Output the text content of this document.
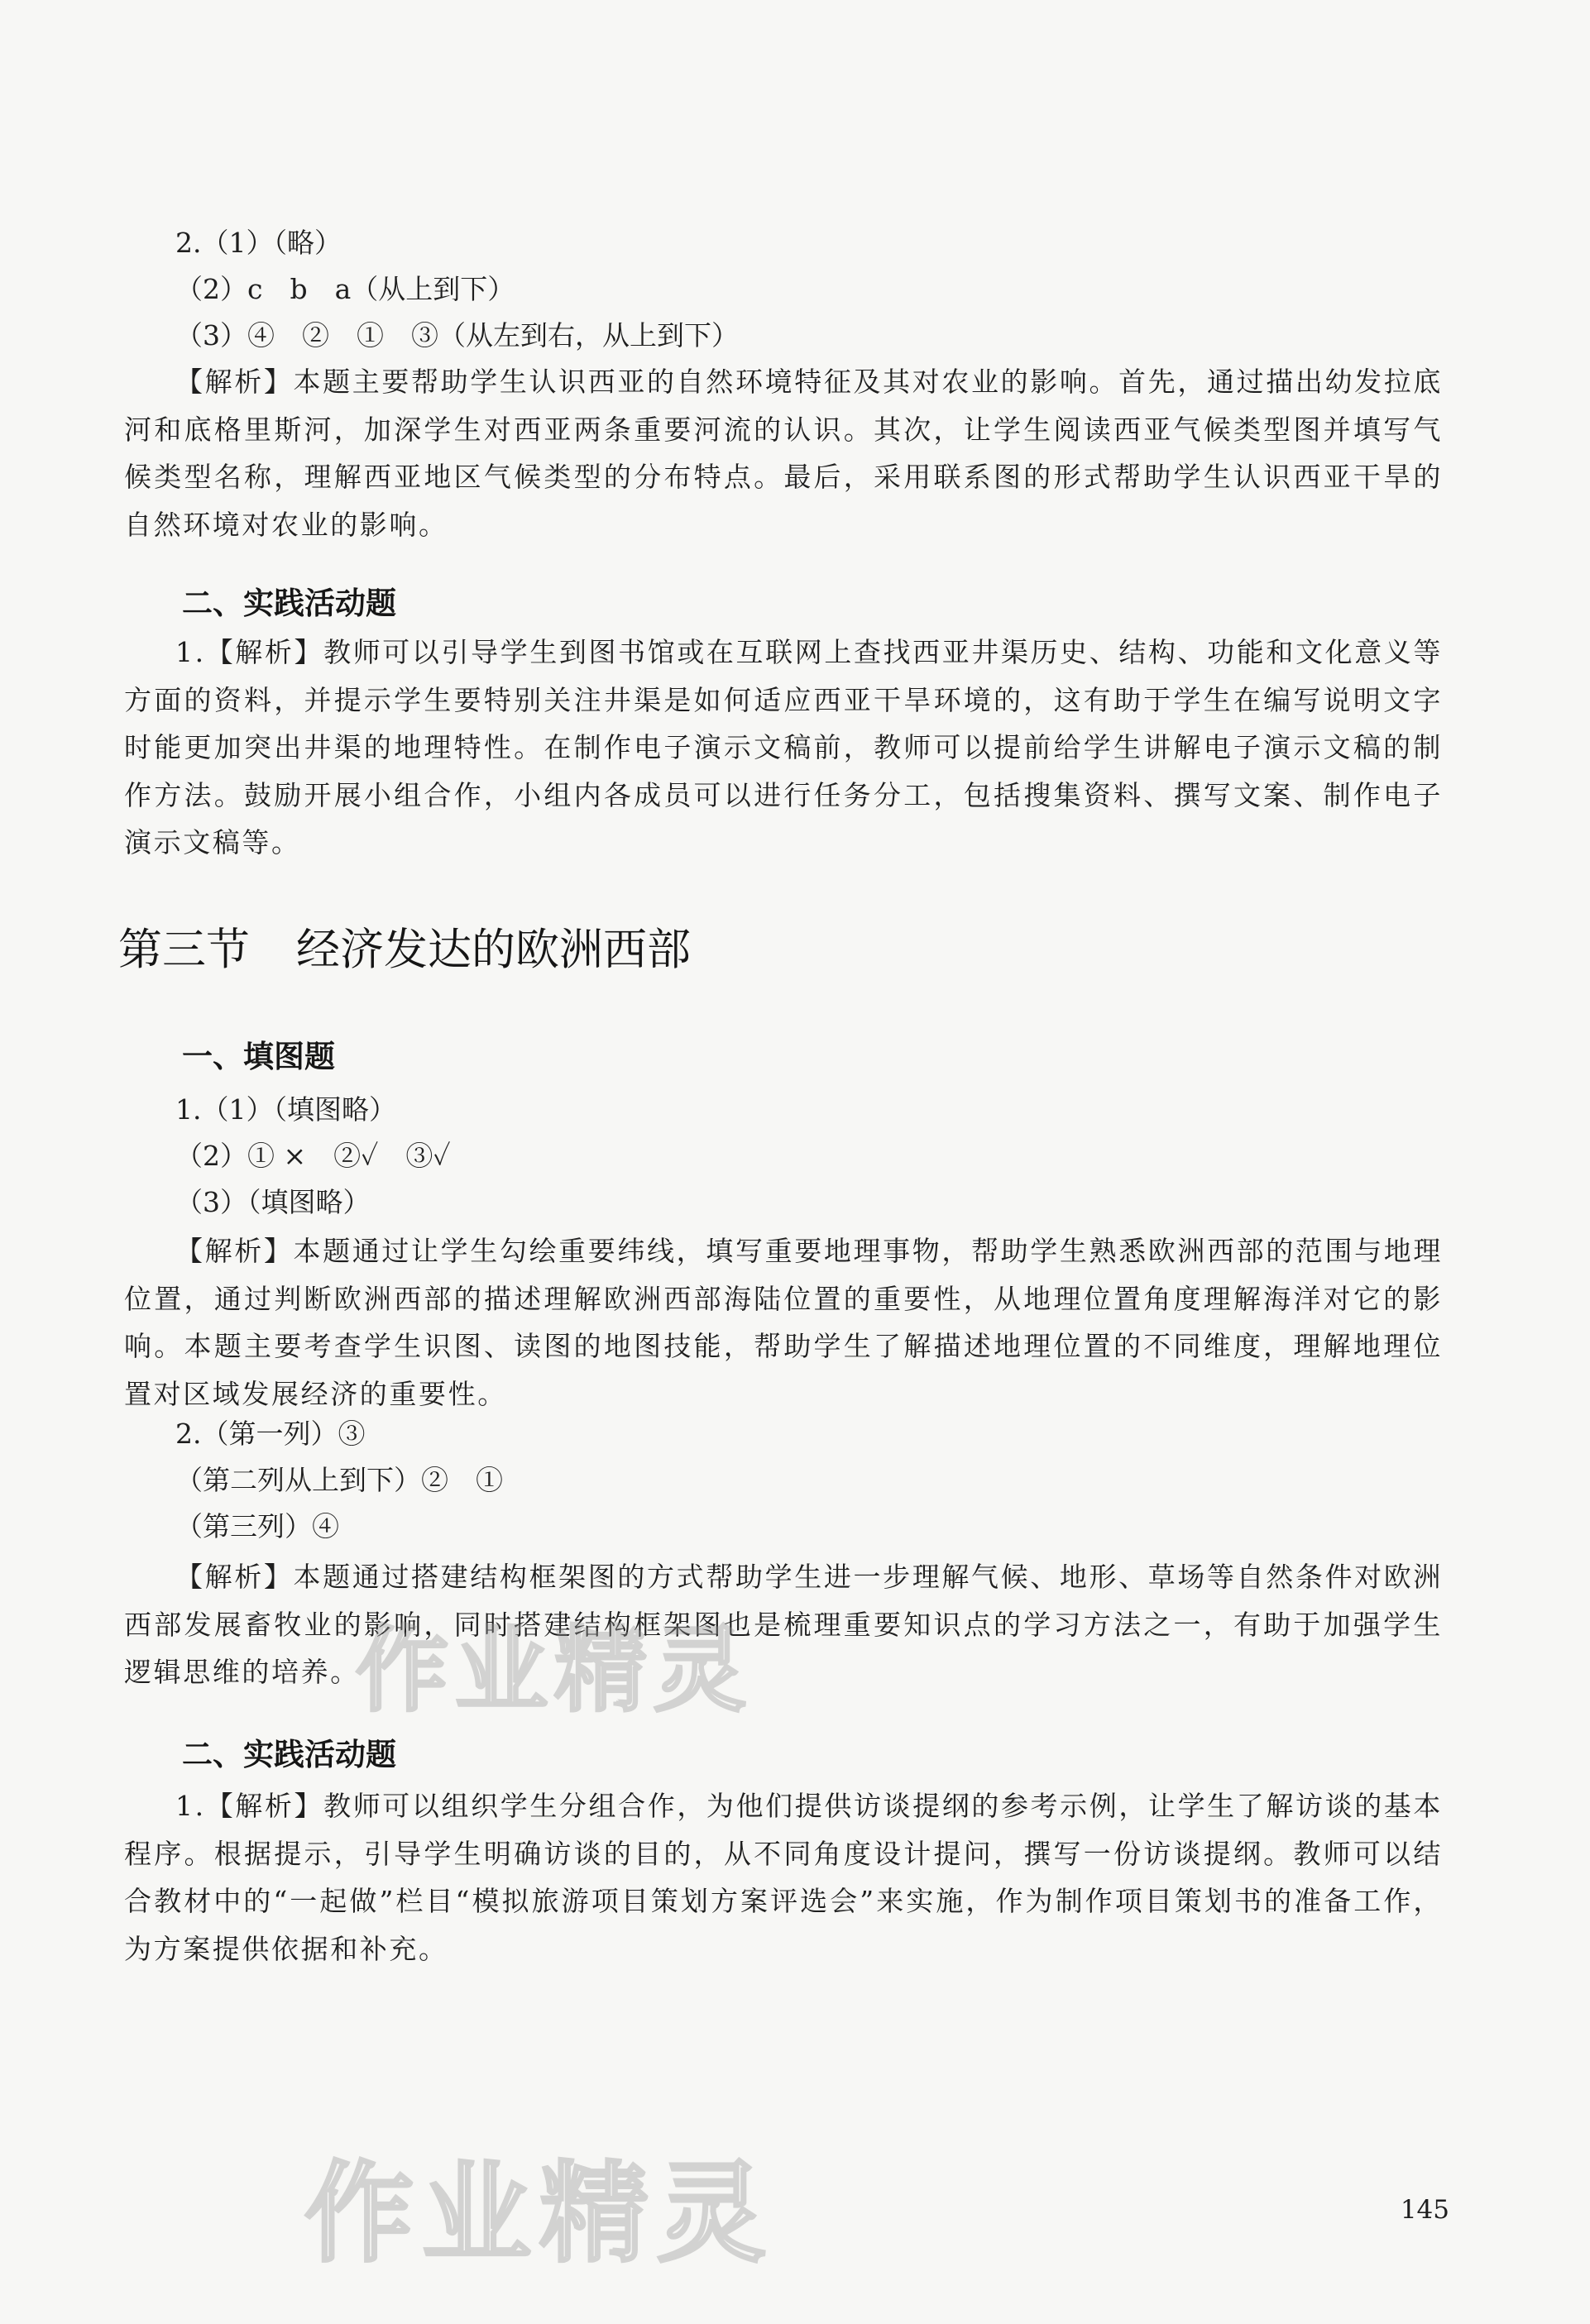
2.（1）（略）
（2）c　b　a（从上到下）
（3）④　②　①　③（从左到右，从上到下）
【解析】本题主要帮助学生认识西亚的自然环境特征及其对农业的影响。首先，通过描出幼发拉底河和底格里斯河，加深学生对西亚两条重要河流的认识。其次，让学生阅读西亚气候类型图并填写气候类型名称，理解西亚地区气候类型的分布特点。最后，采用联系图的形式帮助学生认识西亚干旱的自然环境对农业的影响。
二、实践活动题
1.【解析】教师可以引导学生到图书馆或在互联网上查找西亚井渠历史、结构、功能和文化意义等方面的资料，并提示学生要特别关注井渠是如何适应西亚干旱环境的，这有助于学生在编写说明文字时能更加突出井渠的地理特性。在制作电子演示文稿前，教师可以提前给学生讲解电子演示文稿的制作方法。鼓励开展小组合作，小组内各成员可以进行任务分工，包括搜集资料、撰写文案、制作电子演示文稿等。
第三节 经济发达的欧洲西部
一、填图题
1.（1）（填图略）
（2）① ×　②✓　③✓
（3）（填图略）
【解析】本题通过让学生勾绘重要纬线，填写重要地理事物，帮助学生熟悉欧洲西部的范围与地理位置，通过判断欧洲西部的描述理解欧洲西部海陆位置的重要性，从地理位置角度理解海洋对它的影响。本题主要考查学生识图、读图的地图技能，帮助学生了解描述地理位置的不同维度，理解地理位置对区域发展经济的重要性。
2.（第一列）③
（第二列从上到下）②　①
（第三列）④
【解析】本题通过搭建结构框架图的方式帮助学生进一步理解气候、地形、草场等自然条件对欧洲西部发展畜牧业的影响，同时搭建结构框架图也是梳理重要知识点的学习方法之一，有助于加强学生逻辑思维的培养。
二、实践活动题
1.【解析】教师可以组织学生分组合作，为他们提供访谈提纲的参考示例，让学生了解访谈的基本程序。根据提示，引导学生明确访谈的目的，从不同角度设计提问，撰写一份访谈提纲。教师可以结合教材中的“一起做”栏目“模拟旅游项目策划方案评选会”来实施，作为制作项目策划书的准备工作，为方案提供依据和补充。
作业精灵
作业精灵	145
